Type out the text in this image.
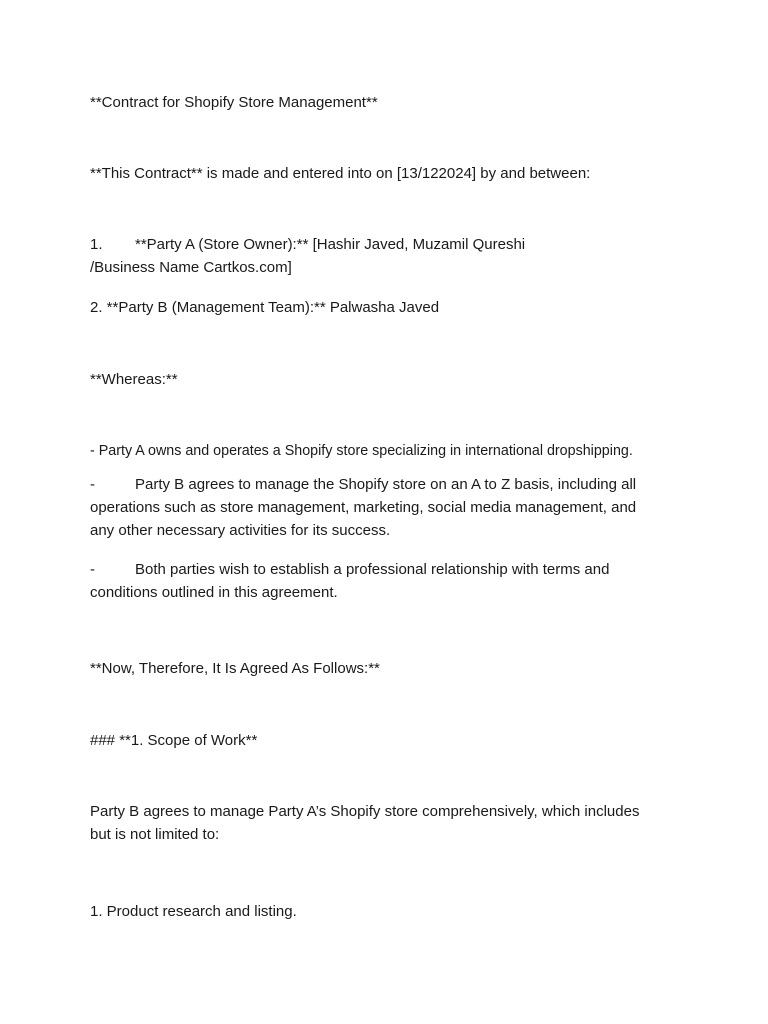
**Contract for Shopify Store Management**

**This Contract** is made and entered into on [13/122024] by and between:

1. **Party A (Store Owner):** [Hashir Javed, Muzamil Qureshi

/Business Name Cartkos.com]

2. **Party B (Management Team):** Palwasha Javed

**Whereas:**

- Party A owns and operates a Shopify store specializing in international dropshipping.

-	Party B agrees to manage the Shopify store on an A to Z basis, including all

operations such as store management, marketing, social media management, and
any other necessary activities for its success.

-	Both parties wish to establish a professional relationship with terms and

conditions outlined in this agreement.

**Now, Therefore, It Is Agreed As Follows:**

### **1. Scope of Work**

Party B agrees to manage Party A’s Shopify store comprehensively, which includes
but is not limited to:

1. Product research and listing.
